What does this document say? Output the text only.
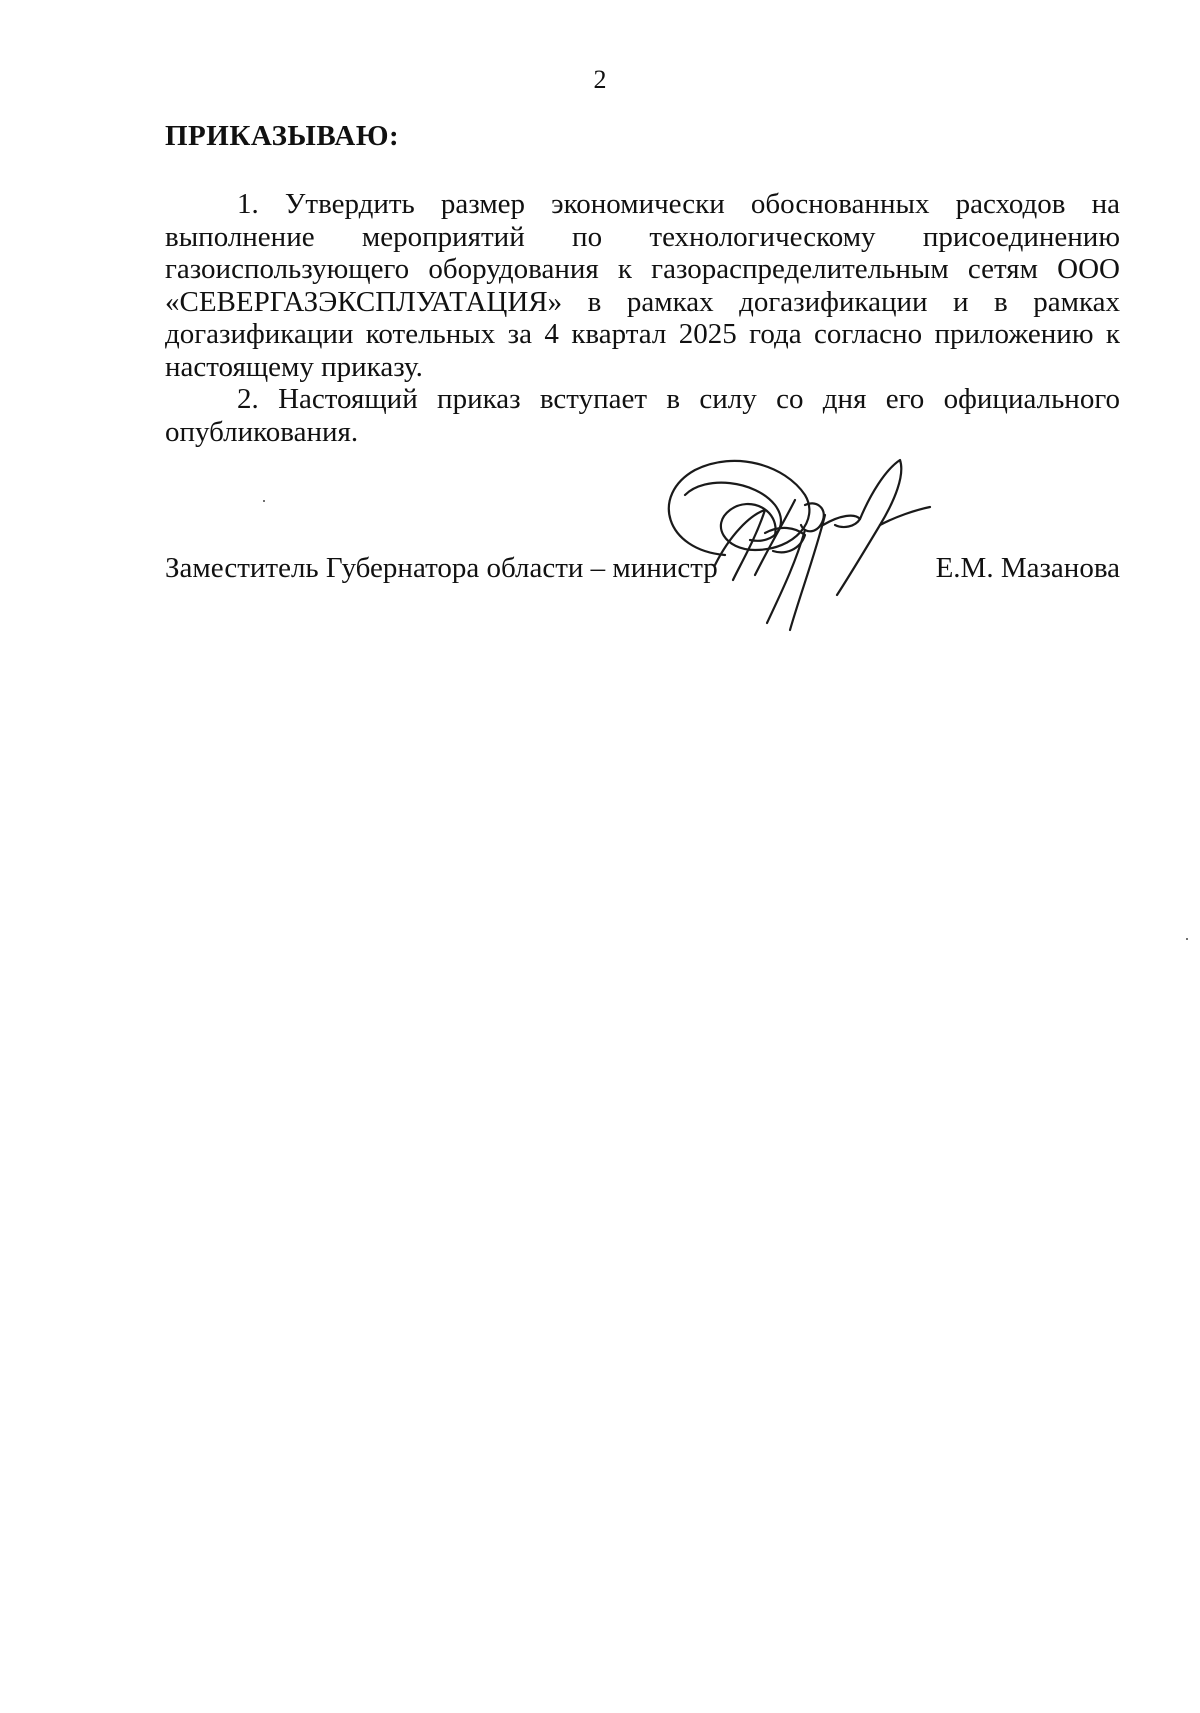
2
ПРИКАЗЫВАЮ:

1. Утвердить размер экономически обоснованных расходов на выполнение мероприятий по технологическому присоединению газоиспользующего оборудования к газораспределительным сетям ООО «СЕВЕРГАЗЭКСПЛУАТАЦИЯ» в рамках догазификации и в рамках догазификации котельных за 4 квартал 2025 года согласно приложению к настоящему приказу.

2. Настоящий приказ вступает в силу со дня его официального опубликования.

Заместитель Губернатора области – министр	Е.М. Мазанова
